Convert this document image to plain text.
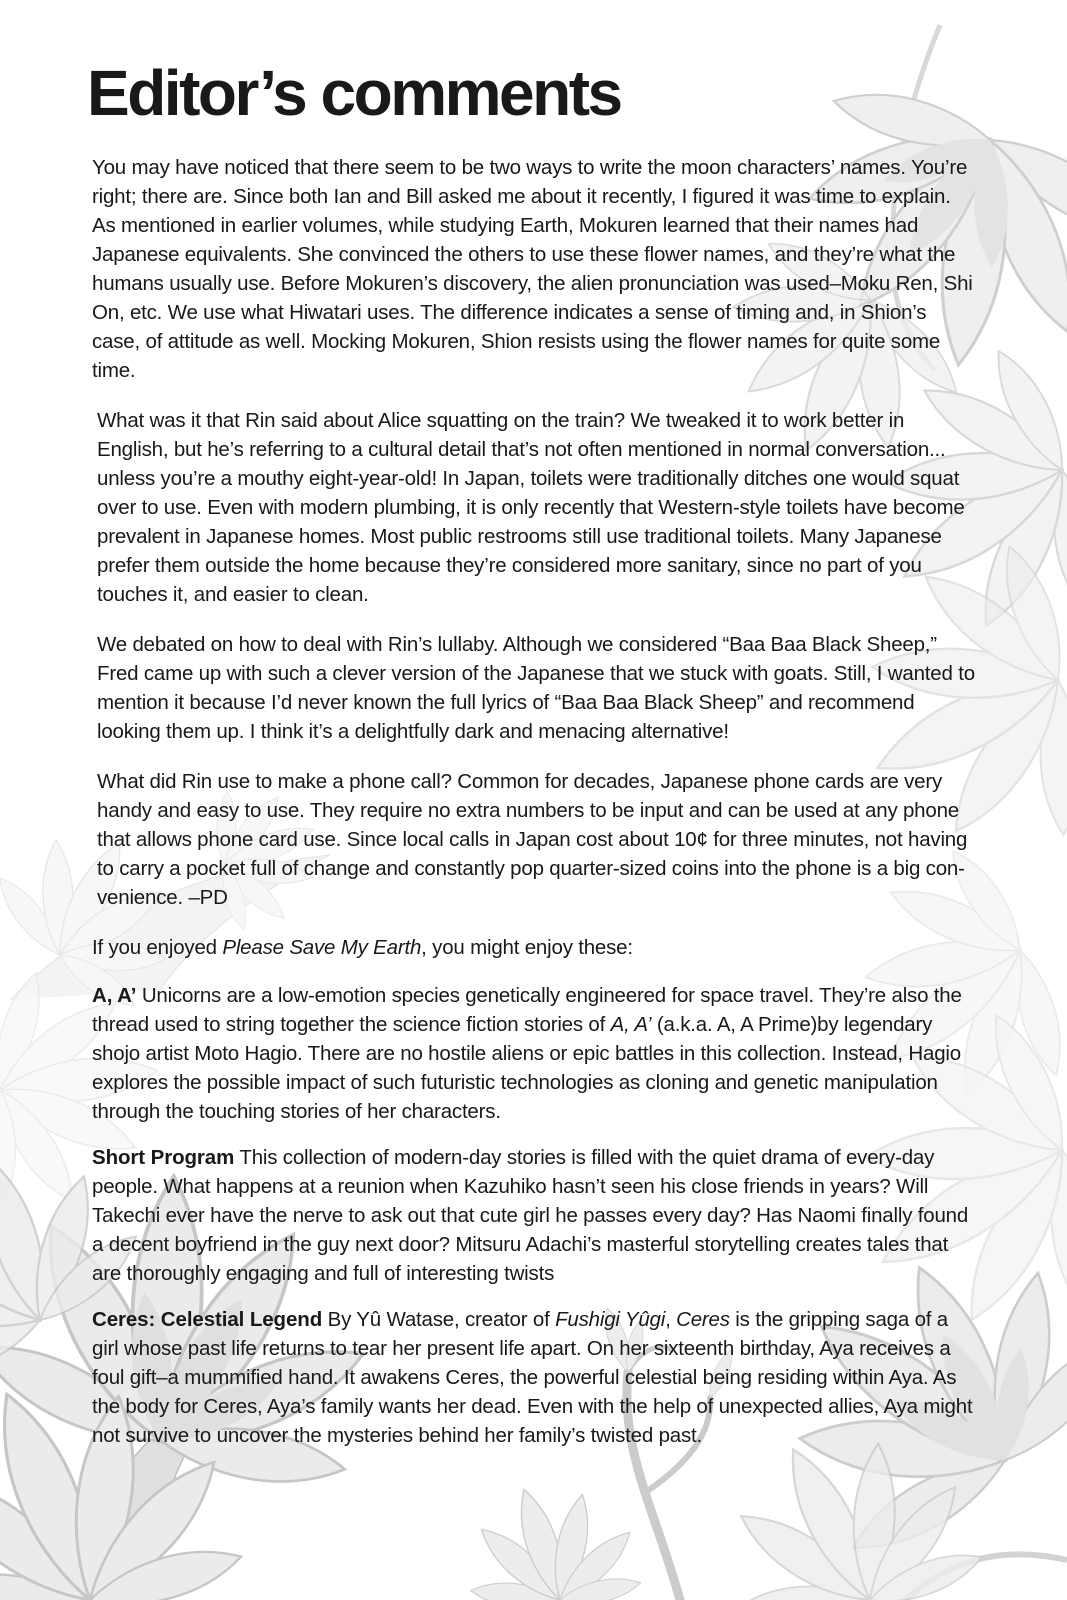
Editor’s comments

You may have noticed that there seem to be two ways to write the moon characters’ names. You’re right; there are. Since both Ian and Bill asked me about it recently, I figured it was time to explain. As mentioned in earlier volumes, while studying Earth, Mokuren learned that their names had Japanese equivalents. She convinced the others to use these flower names, and they’re what the humans usually use. Before Mokuren’s discovery, the alien pronunciation was used–Moku Ren, Shi On, etc. We use what Hiwatari uses. The difference indicates a sense of timing and, in Shion’s case, of attitude as well. Mocking Mokuren, Shion resists using the flower names for quite some time.

What was it that Rin said about Alice squatting on the train? We tweaked it to work better in English, but he’s referring to a cultural detail that’s not often mentioned in normal conversation... unless you’re a mouthy eight-year-old! In Japan, toilets were traditionally ditches one would squat over to use. Even with modern plumbing, it is only recently that Western-style toilets have become prevalent in Japanese homes. Most public restrooms still use traditional toilets. Many Japanese prefer them outside the home because they’re considered more sanitary, since no part of you touches it, and easier to clean.

We debated on how to deal with Rin’s lullaby. Although we considered “Baa Baa Black Sheep,” Fred came up with such a clever version of the Japanese that we stuck with goats. Still, I wanted to mention it because I’d never known the full lyrics of “Baa Baa Black Sheep” and recommend looking them up. I think it’s a delightfully dark and menacing alternative!

What did Rin use to make a phone call? Common for decades, Japanese phone cards are very handy and easy to use. They require no extra numbers to be input and can be used at any phone that allows phone card use. Since local calls in Japan cost about 10¢ for three minutes, not having to carry a pocket full of change and constantly pop quarter-sized coins into the phone is a big con-venience. –PD

If you enjoyed Please Save My Earth, you might enjoy these:

A, A’ Unicorns are a low-emotion species genetically engineered for space travel. They’re also the thread used to string together the science fiction stories of A, A’ (a.k.a. A, A Prime)by legendary shojo artist Moto Hagio. There are no hostile aliens or epic battles in this collection. Instead, Hagio explores the possible impact of such futuristic technologies as cloning and genetic manipulation through the touching stories of her characters.

Short Program This collection of modern-day stories is filled with the quiet drama of every-day people. What happens at a reunion when Kazuhiko hasn’t seen his close friends in years? Will Takechi ever have the nerve to ask out that cute girl he passes every day? Has Naomi finally found a decent boyfriend in the guy next door? Mitsuru Adachi’s masterful storytelling creates tales that are thoroughly engaging and full of interesting twists

Ceres: Celestial Legend By Yû Watase, creator of Fushigi Yûgi, Ceres is the gripping saga of a girl whose past life returns to tear her present life apart. On her sixteenth birthday, Aya receives a foul gift–a mummified hand. It awakens Ceres, the powerful celestial being residing within Aya. As the body for Ceres, Aya’s family wants her dead. Even with the help of unexpected allies, Aya might not survive to uncover the mysteries behind her family’s twisted past.
